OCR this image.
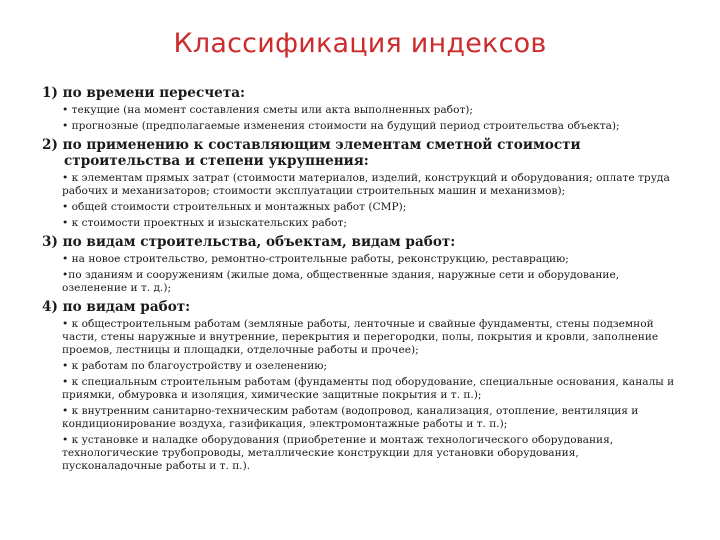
Классификация индексов
1) по времени пересчета:
• текущие (на момент составления сметы или акта выполненных работ);
• прогнозные (предполагаемые изменения стоимости на будущий период строительства объекта);
2) по применению к составляющим элементам сметной стоимости строительства и степени укрупнения:
• к элементам прямых затрат (стоимости материалов, изделий, конструкций и оборудования; оплате труда рабочих и механизаторов; стоимости эксплуатации строительных машин и механизмов);
• общей стоимости строительных и монтажных работ (СМР);
• к стоимости проектных и изыскательских работ;
3) по видам строительства, объектам, видам работ:
• на новое строительство, ремонтно-строительные работы, реконструкцию, реставрацию;
•по зданиям и сооружениям (жилые дома, общественные здания, наружные сети и оборудование, озеленение и т. д.);
4) по видам работ:
• к общестроительным работам (земляные работы, ленточные и свайные фундаменты, стены подземной части, стены наружные и внутренние, перекрытия и перегородки, полы, покрытия и кровли, заполнение проемов, лестницы и площадки, отделочные работы и прочее);
• к работам по благоустройству и озеленению;
• к специальным строительным работам (фундаменты под оборудование, специальные основания, каналы и приямки, обмуровка и изоляция, химические защитные покрытия и т. п.);
• к внутренним санитарно-техническим работам (водопровод, канализация, отопление, вентиляция и кондиционирование воздуха, газификация, электромонтажные работы и т. п.);
• к установке и наладке оборудования (приобретение и монтаж технологического оборудования, технологические трубопроводы, металлические конструкции для установки оборудования, пусконаладочные работы и т. п.).
